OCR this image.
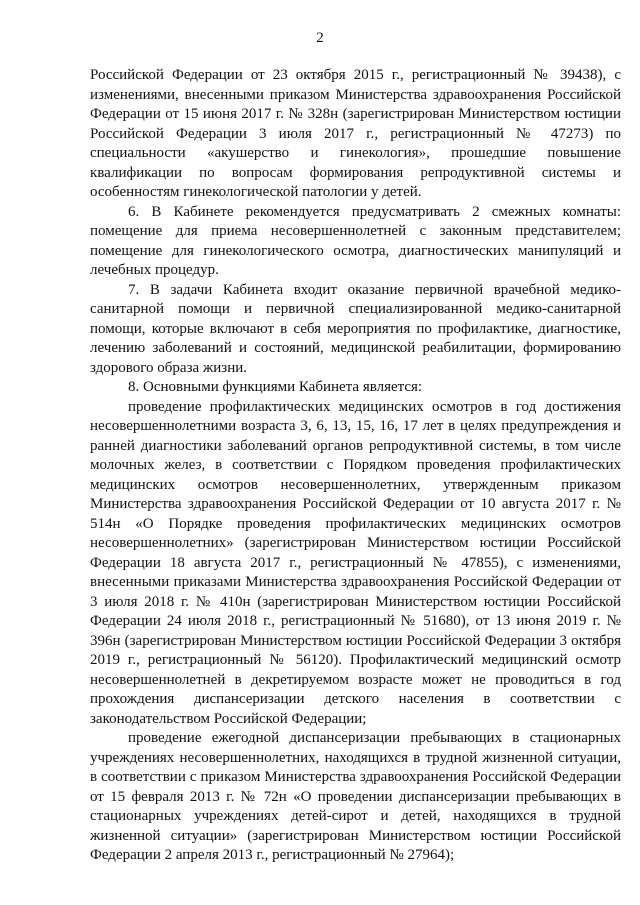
2

Российской Федерации от 23 октября 2015 г., регистрационный № 39438), с изменениями, внесенными приказом Министерства здравоохранения Российской Федерации от 15 июня 2017 г. № 328н (зарегистрирован Министерством юстиции Российской Федерации 3 июля 2017 г., регистрационный № 47273) по специальности «акушерство и гинекология», прошедшие повышение квалификации по вопросам формирования репродуктивной системы и особенностям гинекологической патологии у детей.

6. В Кабинете рекомендуется предусматривать 2 смежных комнаты: помещение для приема несовершеннолетней с законным представителем; помещение для гинекологического осмотра, диагностических манипуляций и лечебных процедур.

7. В задачи Кабинета входит оказание первичной врачебной медико-санитарной помощи и первичной специализированной медико-санитарной помощи, которые включают в себя мероприятия по профилактике, диагностике, лечению заболеваний и состояний, медицинской реабилитации, формированию здорового образа жизни.

8. Основными функциями Кабинета является:

проведение профилактических медицинских осмотров в год достижения несовершеннолетними возраста 3, 6, 13, 15, 16, 17 лет в целях предупреждения и ранней диагностики заболеваний органов репродуктивной системы, в том числе молочных желез, в соответствии с Порядком проведения профилактических медицинских осмотров несовершеннолетних, утвержденным приказом Министерства здравоохранения Российской Федерации от 10 августа 2017 г. № 514н «О Порядке проведения профилактических медицинских осмотров несовершеннолетних» (зарегистрирован Министерством юстиции Российской Федерации 18 августа 2017 г., регистрационный № 47855), с изменениями, внесенными приказами Министерства здравоохранения Российской Федерации от 3 июля 2018 г. № 410н (зарегистрирован Министерством юстиции Российской Федерации 24 июля 2018 г., регистрационный № 51680), от 13 июня 2019 г. № 396н (зарегистрирован Министерством юстиции Российской Федерации 3 октября 2019 г., регистрационный № 56120). Профилактический медицинский осмотр несовершеннолетней в декретируемом возрасте может не проводиться в год прохождения диспансеризации детского населения в соответствии с законодательством Российской Федерации;

проведение ежегодной диспансеризации пребывающих в стационарных учреждениях несовершеннолетних, находящихся в трудной жизненной ситуации, в соответствии с приказом Министерства здравоохранения Российской Федерации от 15 февраля 2013 г. № 72н «О проведении диспансеризации пребывающих в стационарных учреждениях детей-сирот и детей, находящихся в трудной жизненной ситуации» (зарегистрирован Министерством юстиции Российской Федерации 2 апреля 2013 г., регистрационный № 27964);
